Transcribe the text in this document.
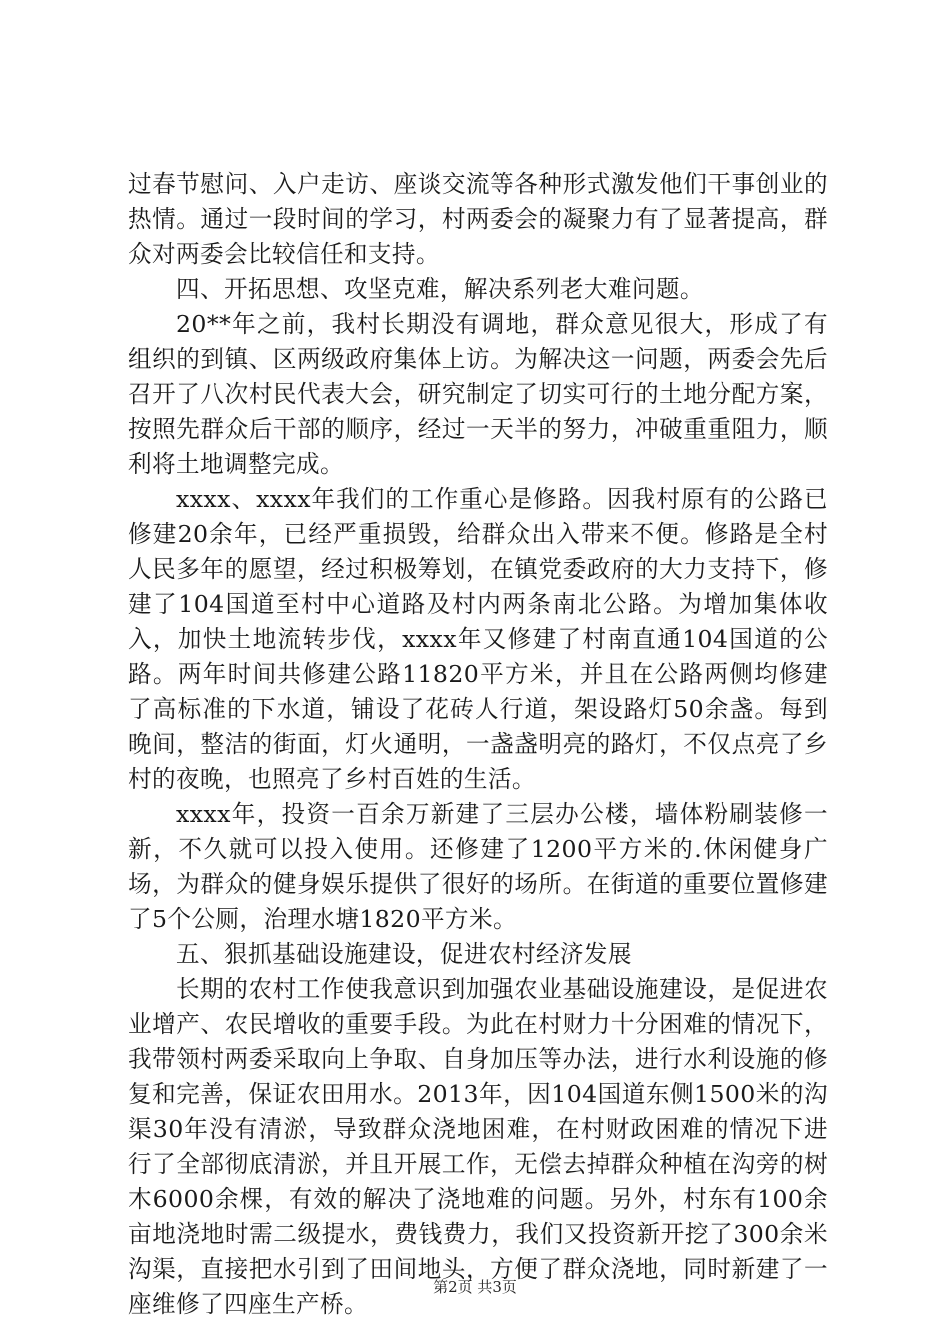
过春节慰问、入户走访、座谈交流等各种形式激发他们干事创业的热情。通过一段时间的学习，村两委会的凝聚力有了显著提高，群众对两委会比较信任和支持。

四、开拓思想、攻坚克难，解决系列老大难问题。

20**年之前，我村长期没有调地，群众意见很大，形成了有组织的到镇、区两级政府集体上访。为解决这一问题，两委会先后召开了八次村民代表大会，研究制定了切实可行的土地分配方案，按照先群众后干部的顺序，经过一天半的努力，冲破重重阻力，顺利将土地调整完成。

xxxx、xxxx年我们的工作重心是修路。因我村原有的公路已修建20余年，已经严重损毁，给群众出入带来不便。修路是全村人民多年的愿望，经过积极筹划，在镇党委政府的大力支持下，修建了104国道至村中心道路及村内两条南北公路。为增加集体收入，加快土地流转步伐，xxxx年又修建了村南直通104国道的公路。两年时间共修建公路11820平方米，并且在公路两侧均修建了高标准的下水道，铺设了花砖人行道，架设路灯50余盏。每到晚间，整洁的街面，灯火通明，一盏盏明亮的路灯，不仅点亮了乡村的夜晚，也照亮了乡村百姓的生活。

xxxx年，投资一百余万新建了三层办公楼，墙体粉刷装修一新，不久就可以投入使用。还修建了1200平方米的.休闲健身广场，为群众的健身娱乐提供了很好的场所。在街道的重要位置修建了5个公厕，治理水塘1820平方米。

五、狠抓基础设施建设，促进农村经济发展

长期的农村工作使我意识到加强农业基础设施建设，是促进农业增产、农民增收的重要手段。为此在村财力十分困难的情况下，我带领村两委采取向上争取、自身加压等办法，进行水利设施的修复和完善，保证农田用水。2013年，因104国道东侧1500米的沟渠30年没有清淤，导致群众浇地困难，在村财政困难的情况下进行了全部彻底清淤，并且开展工作，无偿去掉群众种植在沟旁的树木6000余棵，有效的解决了浇地难的问题。另外，村东有100余亩地浇地时需二级提水，费钱费力，我们又投资新开挖了300余米沟渠，直接把水引到了田间地头，方便了群众浇地，同时新建了一座维修了四座生产桥。

第2页 共3页
